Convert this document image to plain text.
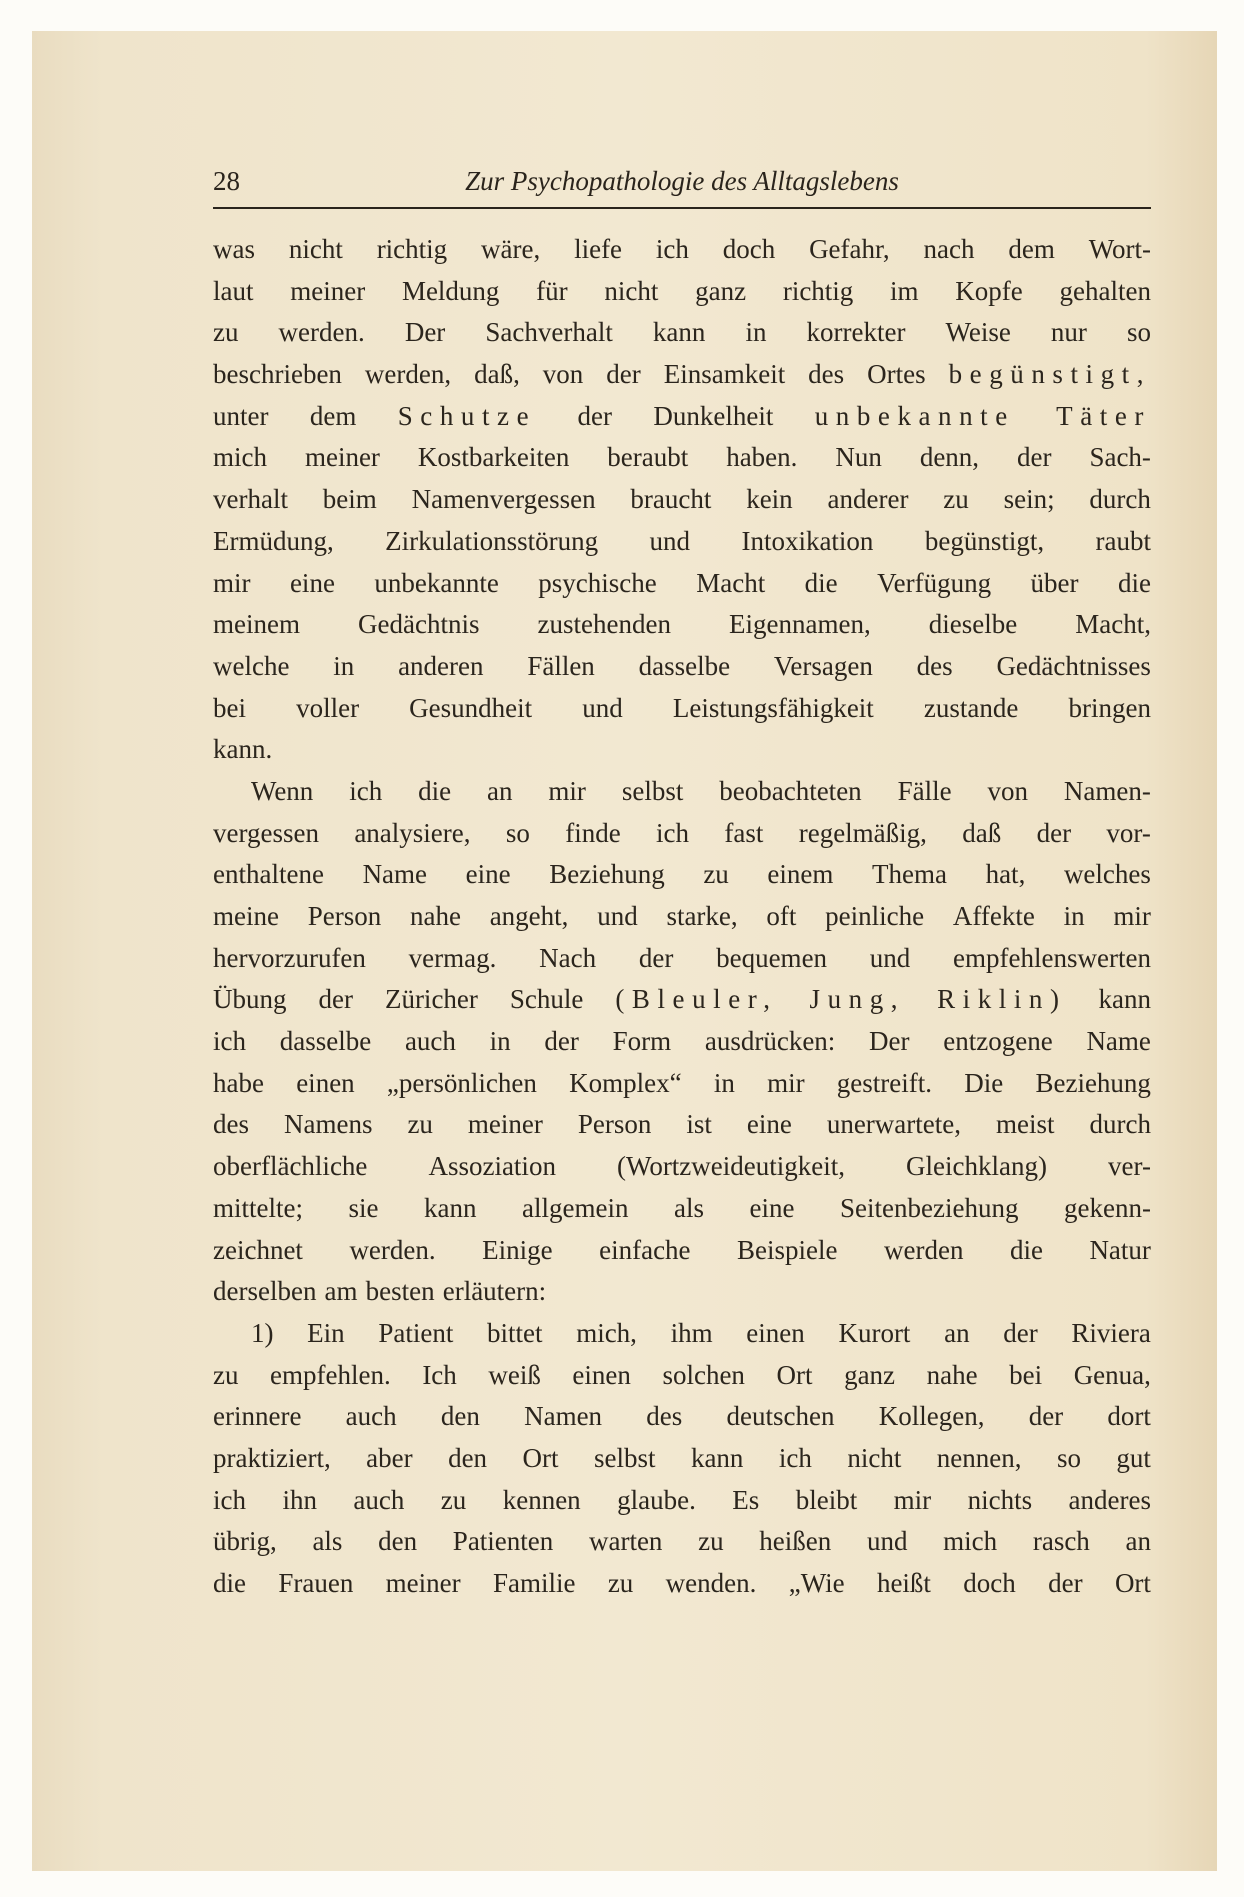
28	Zur Psychopathologie des Alltagslebens
was nicht richtig wäre, liefe ich doch Gefahr, nach dem Wort-
laut meiner Meldung für nicht ganz richtig im Kopfe gehalten
zu werden. Der Sachverhalt kann in korrekter Weise nur so
beschrieben werden, daß, von der Einsamkeit des Ortes begünstigt,
unter dem Schutze der Dunkelheit unbekannte Täter
mich meiner Kostbarkeiten beraubt haben. Nun denn, der Sach-
verhalt beim Namenvergessen braucht kein anderer zu sein; durch
Ermüdung, Zirkulationsstörung und Intoxikation begünstigt, raubt
mir eine unbekannte psychische Macht die Verfügung über die
meinem Gedächtnis zustehenden Eigennamen, dieselbe Macht,
welche in anderen Fällen dasselbe Versagen des Gedächtnisses
bei voller Gesundheit und Leistungsfähigkeit zustande bringen
kann.
Wenn ich die an mir selbst beobachteten Fälle von Namen-
vergessen analysiere, so finde ich fast regelmäßig, daß der vor-
enthaltene Name eine Beziehung zu einem Thema hat, welches
meine Person nahe angeht, und starke, oft peinliche Affekte in mir
hervorzurufen vermag. Nach der bequemen und empfehlenswerten
Übung der Züricher Schule (Bleuler, Jung, Riklin) kann
ich dasselbe auch in der Form ausdrücken: Der entzogene Name
habe einen „persönlichen Komplex“ in mir gestreift. Die Beziehung
des Namens zu meiner Person ist eine unerwartete, meist durch
oberflächliche Assoziation (Wortzweideutigkeit, Gleichklang) ver-
mittelte; sie kann allgemein als eine Seitenbeziehung gekenn-
zeichnet werden. Einige einfache Beispiele werden die Natur
derselben am besten erläutern:
1) Ein Patient bittet mich, ihm einen Kurort an der Riviera
zu empfehlen. Ich weiß einen solchen Ort ganz nahe bei Genua,
erinnere auch den Namen des deutschen Kollegen, der dort
praktiziert, aber den Ort selbst kann ich nicht nennen, so gut
ich ihn auch zu kennen glaube. Es bleibt mir nichts anderes
übrig, als den Patienten warten zu heißen und mich rasch an
die Frauen meiner Familie zu wenden. „Wie heißt doch der Ort
